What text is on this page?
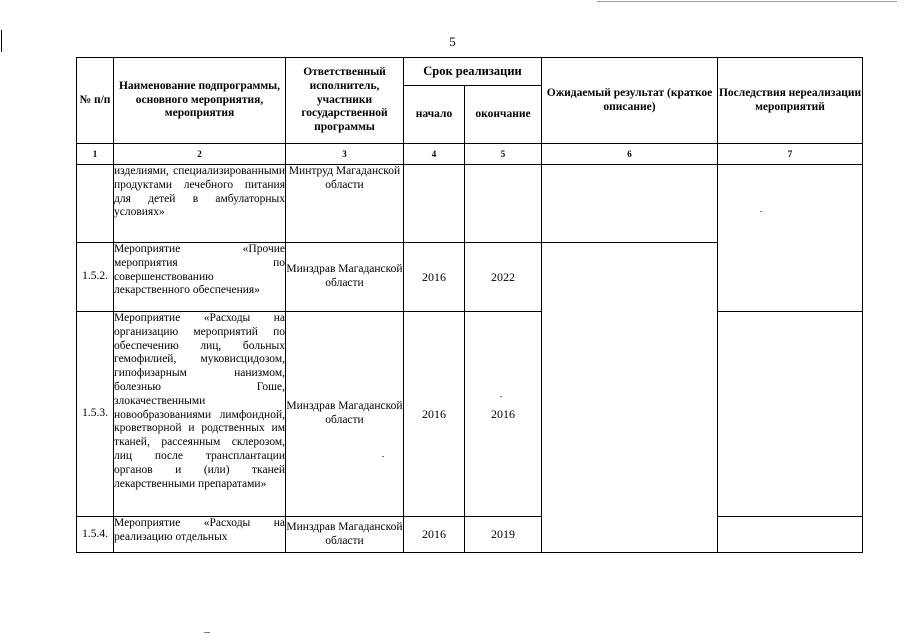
5
№ п/п	Наименование подпрограммы, основного мероприятия, мероприятия	Ответственный исполнитель, участники государственной программы	Срок реализации		Ожидаемый результат (краткое описание)	Последствия нереализации мероприятий
			начало	окончание		
1	2	3	4	5	6	7
	изделиями, специализированными продуктами лечебного питания для детей в амбулаторных условиях»	Минтруд Магаданской области				
1.5.2.	Мероприятие «Прочие мероприятия по совершенствованию лекарственного обеспечения»	Минздрав Магаданской области	2016	2022		
1.5.3.	Мероприятие «Расходы на организацию мероприятий по обеспечению лиц, больных гемофилией, муковисцидозом, гипофизарным нанизмом, болезнью Гоше, злокачественными новообразованиями лимфоидной, кроветворной и родственных им тканей, рассеянным склерозом, лиц после трансплантации органов и (или) тканей лекарственными препаратами»	Минздрав Магаданской области	2016	2016		
1.5.4.	Мероприятие «Расходы на реализацию отдельных	Минздрав Магаданской области	2016	2019		
